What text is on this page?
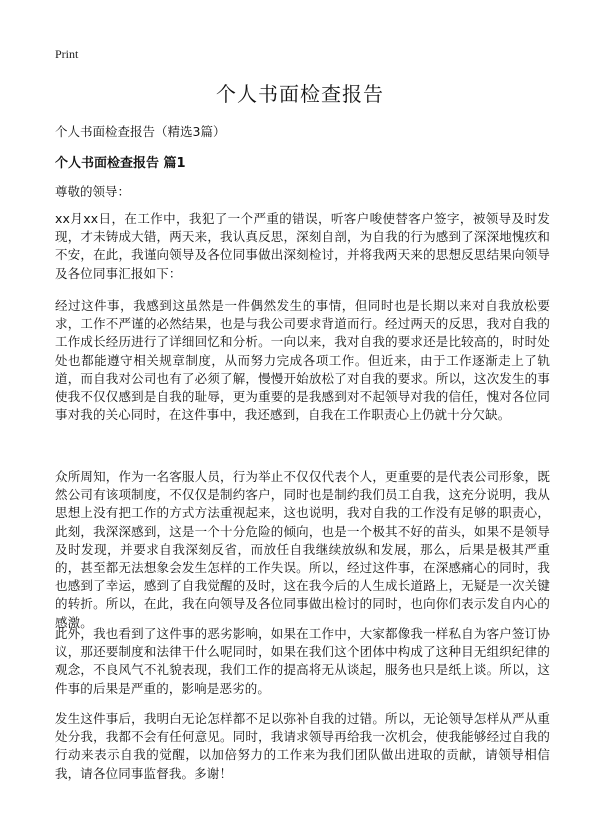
Print
个人书面检查报告

个人书面检查报告（精选3篇）

个人书面检查报告 篇1

尊敬的领导：

xx月xx日，在工作中，我犯了一个严重的错误，听客户唆使替客户签字，被领导及时发现，才未铸成大错，两天来，我认真反思，深刻自剖，为自我的行为感到了深深地愧疚和不安，在此，我谨向领导及各位同事做出深刻检讨，并将我两天来的思想反思结果向领导及各位同事汇报如下：

经过这件事，我感到这虽然是一件偶然发生的事情，但同时也是长期以来对自我放松要求，工作不严谨的必然结果，也是与我公司要求背道而行。经过两天的反思，我对自我的工作成长经历进行了详细回忆和分析。一向以来，我对自我的要求还是比较高的，时时处处也都能遵守相关规章制度，从而努力完成各项工作。但近来，由于工作逐渐走上了轨道，而自我对公司也有了必须了解，慢慢开始放松了对自我的要求。所以，这次发生的事使我不仅仅感到是自我的耻辱，更为重要的是我感到对不起领导对我的信任，愧对各位同事对我的关心同时，在这件事中，我还感到，自我在工作职责心上仍就十分欠缺。

众所周知，作为一名客服人员，行为举止不仅仅代表个人，更重要的是代表公司形象，既然公司有该项制度，不仅仅是制约客户，同时也是制约我们员工自我，这充分说明，我从思想上没有把工作的方式方法重视起来，这也说明，我对自我的工作没有足够的职责心，此刻，我深深感到，这是一个十分危险的倾向，也是一个极其不好的苗头，如果不是领导及时发现，并要求自我深刻反省，而放任自我继续放纵和发展，那么，后果是极其严重的，甚至都无法想象会发生怎样的工作失误。所以，经过这件事，在深感痛心的同时，我也感到了幸运，感到了自我觉醒的及时，这在我今后的人生成长道路上，无疑是一次关键的转折。所以，在此，我在向领导及各位同事做出检讨的同时，也向你们表示发自内心的感激。

此外，我也看到了这件事的恶劣影响，如果在工作中，大家都像我一样私自为客户签订协议，那还要制度和法律干什么呢同时，如果在我们这个团体中构成了这种目无组织纪律的观念，不良风气不礼貌表现，我们工作的提高将无从谈起，服务也只是纸上谈。所以，这件事的后果是严重的，影响是恶劣的。

发生这件事后，我明白无论怎样都不足以弥补自我的过错。所以，无论领导怎样从严从重处分我，我都不会有任何意见。同时，我请求领导再给我一次机会，使我能够经过自我的行动来表示自我的觉醒，以加倍努力的工作来为我们团队做出进取的贡献，请领导相信我，请各位同事监督我。多谢！
